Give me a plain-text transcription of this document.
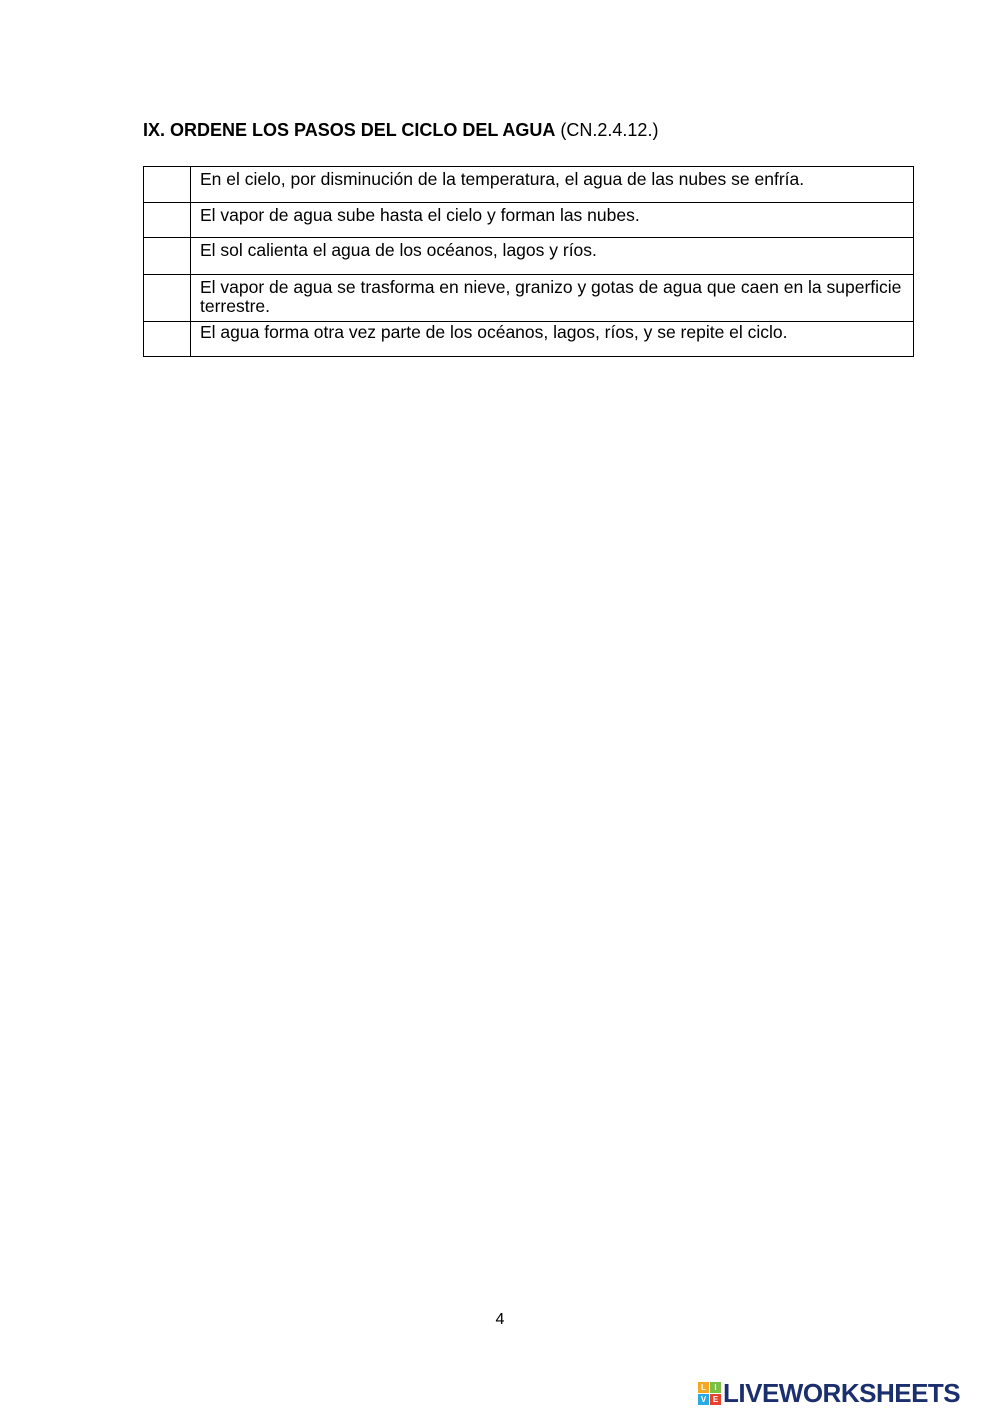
IX. ORDENE LOS PASOS DEL CICLO DEL AGUA (CN.2.4.12.)
	En el cielo, por disminución de la temperatura, el agua de las nubes se enfría.
	El vapor de agua sube hasta el cielo y forman las nubes.
	El sol calienta el agua de los océanos, lagos y ríos.
	El vapor de agua se trasforma en nieve, granizo y gotas de agua que caen en la superficie terrestre.
	El agua forma otra vez parte de los océanos, lagos, ríos, y se repite el ciclo.
4
L	I
V E LIVEWORKSHEETS
